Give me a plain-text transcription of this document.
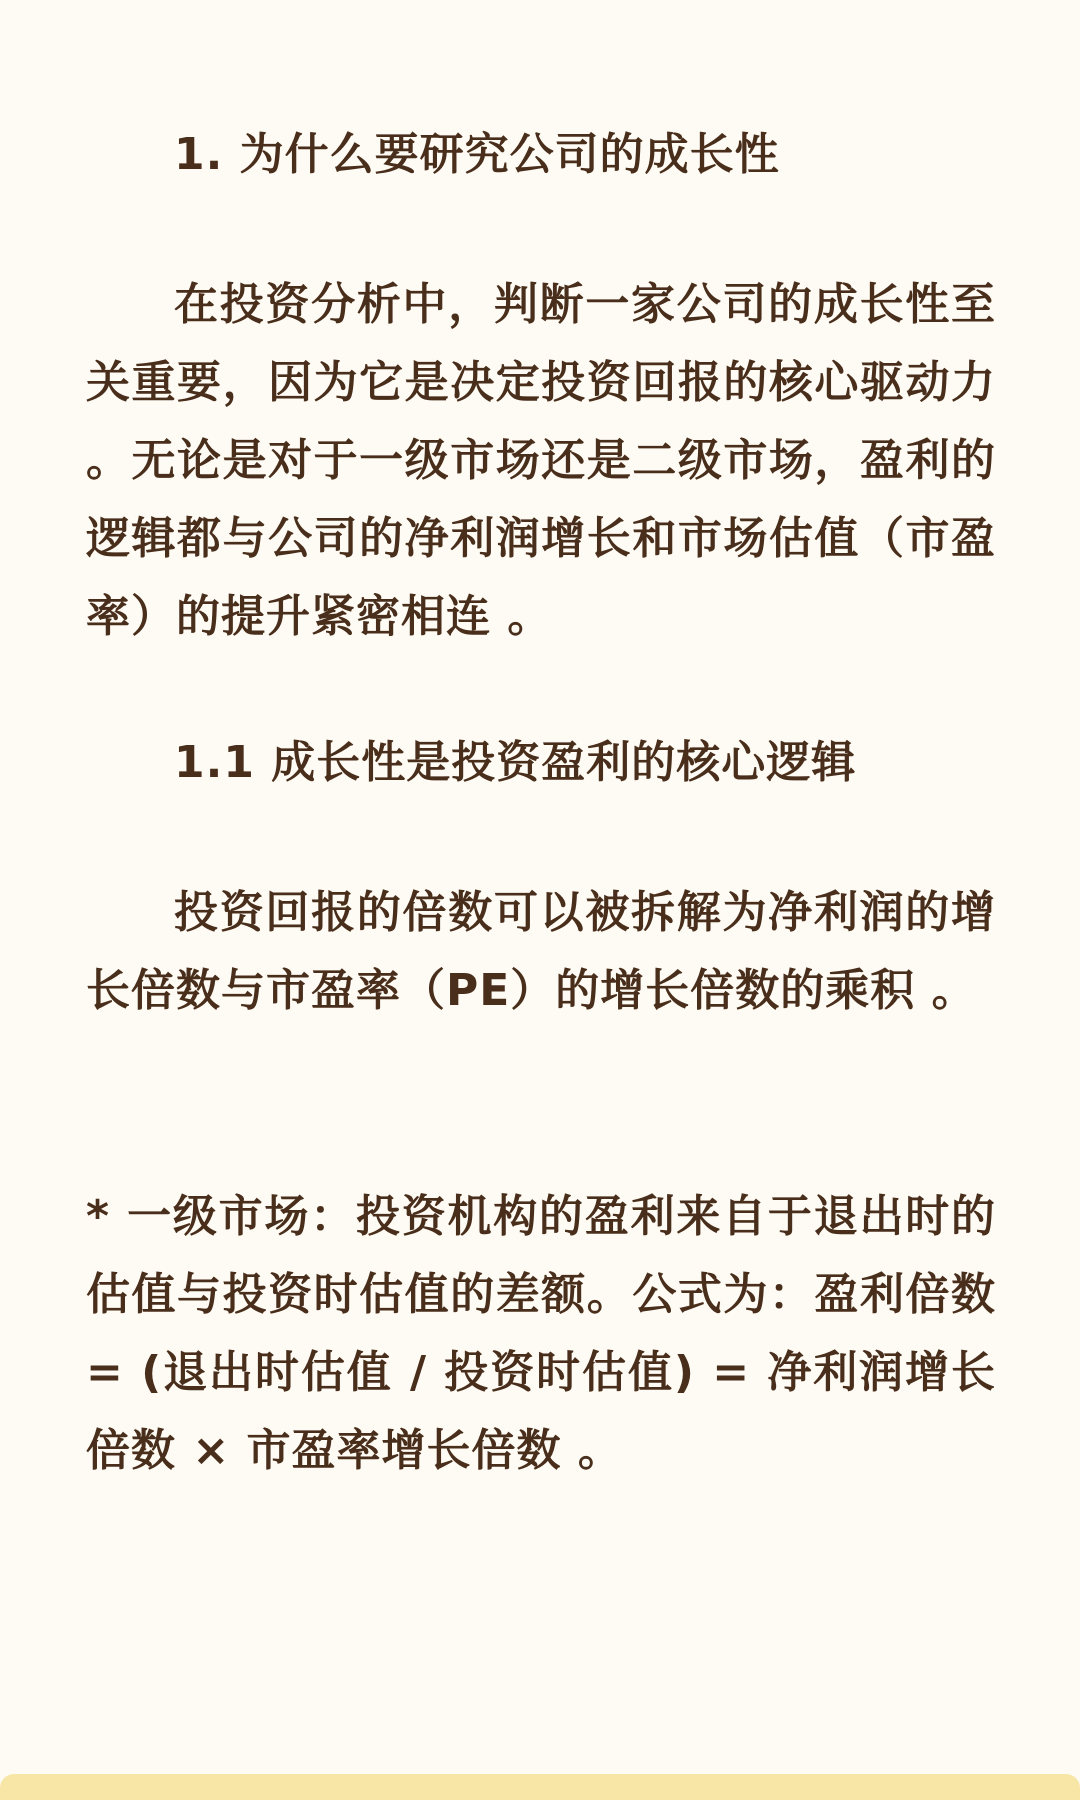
1. 为什么要研究公司的成长性

在投资分析中，判断一家公司的成长性至关重要，因为它是决定投资回报的核心驱动力 。无论是对于一级市场还是二级市场，盈利的逻辑都与公司的净利润增长和市场估值（市盈率）的提升紧密相连 。

1.1 成长性是投资盈利的核心逻辑

投资回报的倍数可以被拆解为净利润的增长倍数与市盈率（PE）的增长倍数的乘积 。

* 一级市场：投资机构的盈利来自于退出时的估值与投资时估值的差额。公式为：盈利倍数 = (退出时估值 / 投资时估值) = 净利润增长倍数 × 市盈率增长倍数 。
